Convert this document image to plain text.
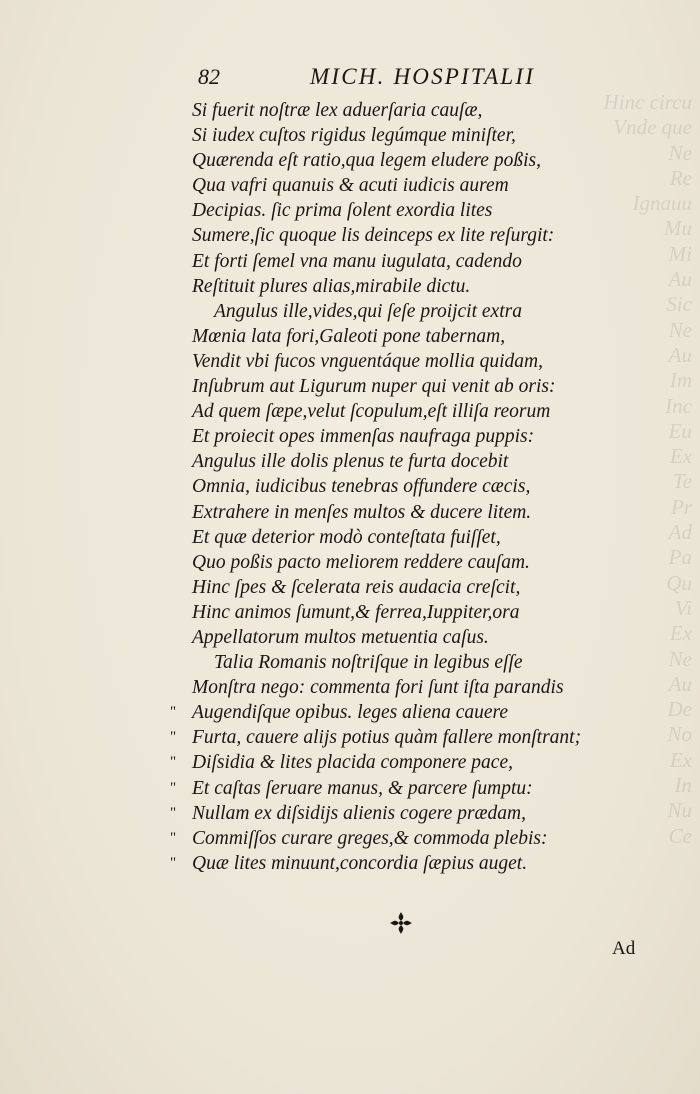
Hinc circu
Vnde que
Ne
Re
Ignauu
Mu
Mi
Au
Sic
Ne
Au
Im
Inc
Eu
Ex
Te
Pr
Ad
Pa
Qu
Vi
Ex
Ne
Au
De
No
Ex
In
Nu
Ce
82	MICH. HOSPITALII
Si fuerit noſtræ lex aduerſaria cauſæ,
Si iudex cuſtos rigidus legúmque miniſter,
Quærenda eſt ratio,qua legem eludere poßis,
Qua vafri quanuis & acuti iudicis aurem
Decipias. ſic prima ſolent exordia lites
Sumere,ſic quoque lis deinceps ex lite reſurgit:
Et forti ſemel vna manu iugulata, cadendo
Reſtituit plures alias,mirabile dictu.
Angulus ille,vides,qui ſeſe proijcit extra
Mœnia lata fori,Galeoti pone tabernam,
Vendit vbi fucos vnguentáque mollia quidam,
Inſubrum aut Ligurum nuper qui venit ab oris:
Ad quem ſæpe,velut ſcopulum,eſt illiſa reorum
Et proiecit opes immenſas naufraga puppis:
Angulus ille dolis plenus te furta docebit
Omnia, iudicibus tenebras offundere cæcis,
Extrahere in menſes multos & ducere litem.
Et quæ deterior modò conteſtata fuiſſet,
Quo poßis pacto meliorem reddere cauſam.
Hinc ſpes & ſcelerata reis audacia creſcit,
Hinc animos ſumunt,& ferrea,Iuppiter,ora
Appellatorum multos metuentia caſus.
Talia Romanis noſtriſque in legibus eſſe
Monſtra nego: commenta fori ſunt iſta parandis
" Augendiſque opibus. leges aliena cauere
" Furta, cauere alijs potius quàm fallere monſtrant;
" Diſsidia & lites placida componere pace,
" Et caſtas ſeruare manus, & parcere ſumptu:
" Nullam ex diſsidijs alienis cogere prædam,
" Commiſſos curare greges,& commoda plebis:
" Quæ lites minuunt,concordia ſæpius auget.
Ad
